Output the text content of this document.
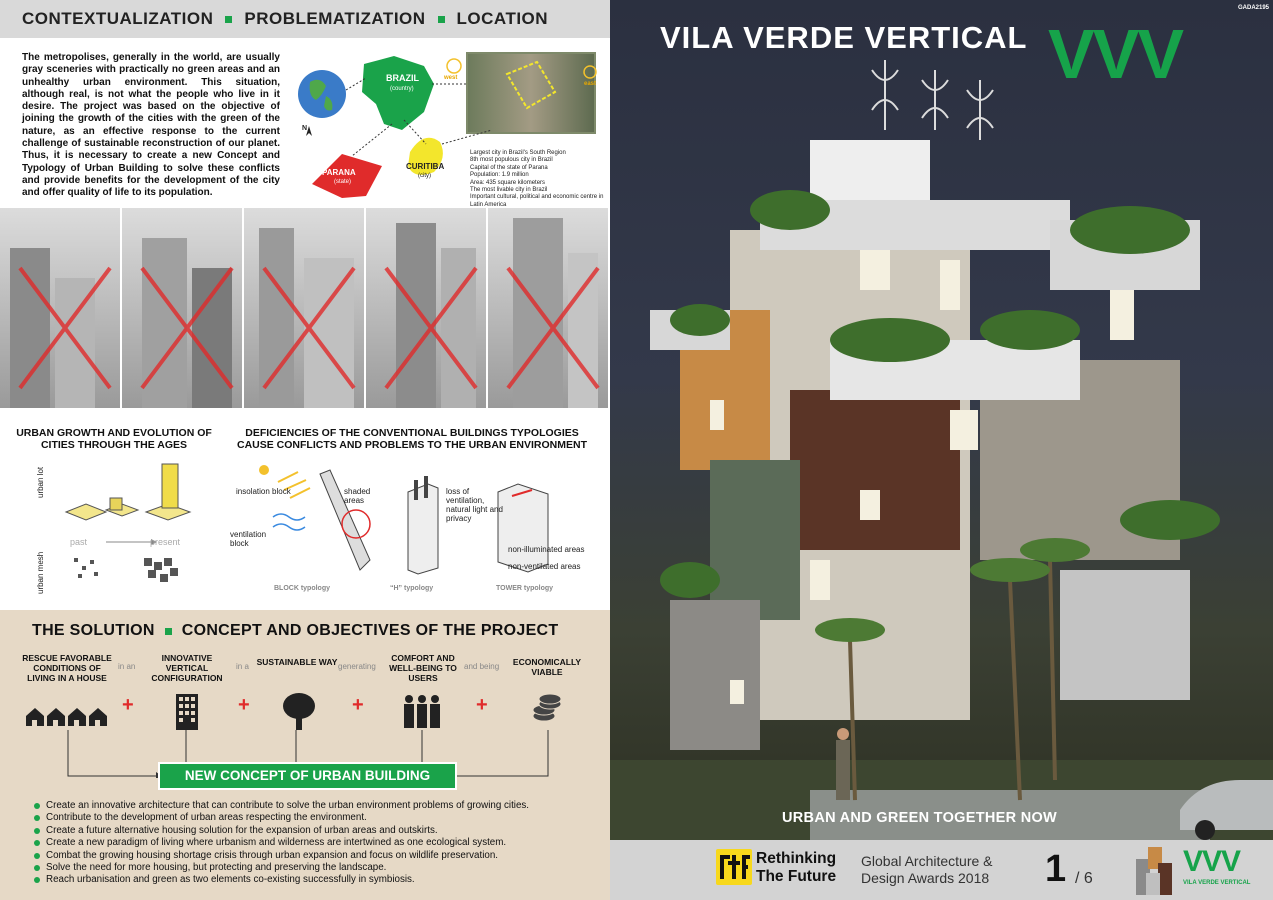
CONTEXTUALIZATION PROBLEMATIZATION LOCATION
The metropolises, generally in the world, are usually gray sceneries with practically no green areas and an unhealthy urban environment. This situation, although real, is not what the people who live in it desire. The project was based on the objective of joining the growth of the cities with the green of the nature, as an effective response to the current challenge of sustainable reconstruction of our planet. Thus, it is necessary to create a new Concept and Typology of Urban Building to solve these conflicts and provide benefits for the development of the city and offer quality of life to its population.
BRAZIL
(country)
PARANA
(state)
CURITIBA
(city)
N
west
east
Largest city in Brazil's South Region
8th most populous city in Brazil
Capital of the state of Parana
Population: 1.9 million
Area: 435 square kilometers
The most livable city in Brazil
Important cultural, political and economic centre in Latin America
URBAN GROWTH AND EVOLUTION OF CITIES THROUGH THE AGES
urban lot
urban mesh
past	present
DEFICIENCIES OF THE CONVENTIONAL BUILDINGS TYPOLOGIES CAUSE CONFLICTS AND PROBLEMS TO THE URBAN ENVIRONMENT
insolation block	shaded areas
ventilation block
loss of ventilation, natural light and privacy
non-illuminated areas
non-ventilated areas
BLOCK typology	“H” typology	TOWER typology
THE SOLUTION CONCEPT AND OBJECTIVES OF THE PROJECT
RESCUE FAVORABLE CONDITIONS OF LIVING IN A HOUSE
INNOVATIVE VERTICAL CONFIGURATION
SUSTAINABLE WAY	COMFORT AND WELL-BEING TO USERS
ECONOMICALLY VIABLE
in an	in a	generating	and being
+	+	+	+
NEW CONCEPT OF URBAN BUILDING
Create an innovative architecture that can contribute to solve the urban environment problems of growing cities.
Contribute to the development of urban areas respecting the environment.
Create a future alternative housing solution for the expansion of urban areas and outskirts.
Create a new paradigm of living where urbanism and wilderness are intertwined as one ecological system.
Combat the growing housing shortage crisis through urban expansion and focus on wildlife preservation.
Solve the need for more housing, but protecting and preserving the landscape.
Reach urbanisation and green as two elements co-existing successfully in symbiosis.
VILA VERDE VERTICAL VVV
GADA2195
URBAN AND GREEN TOGETHER NOW
Rethinking
The Future
Global Architecture &
Design Awards 2018 1 / 6
VVV
VILA VERDE VERTICAL
